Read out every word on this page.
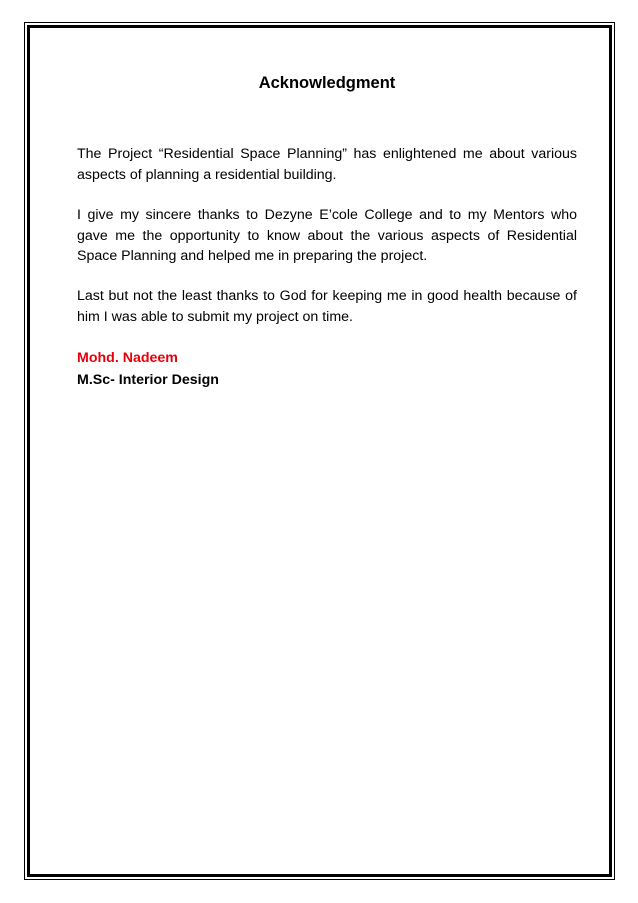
Acknowledgment

The Project “Residential Space Planning” has enlightened me about various aspects of planning a residential building.

I give my sincere thanks to Dezyne E’cole College and to my Mentors who gave me the opportunity to know about the various aspects of Residential Space Planning and helped me in preparing the project.

Last but not the least thanks to God for keeping me in good health because of him I was able to submit my project on time.

Mohd. Nadeem

M.Sc- Interior Design
